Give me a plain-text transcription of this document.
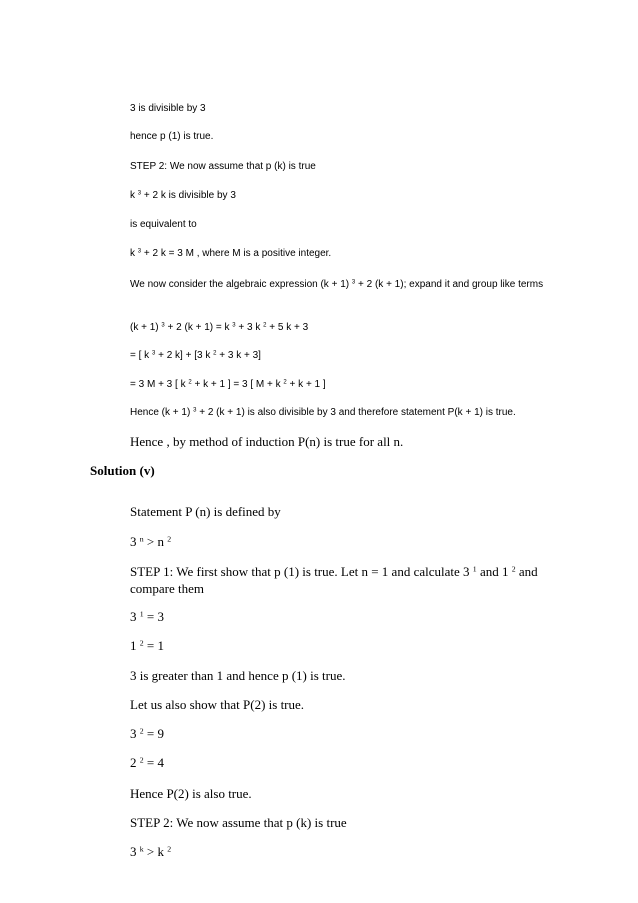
3 is divisible by 3
hence p (1) is true.
STEP 2: We now assume that p (k) is true
k $^3$ + 2 k is divisible by 3
is equivalent to
k $^3$ + 2 k = 3 M , where M is a positive integer.
We now consider the algebraic expression (k + 1) $^3$ + 2 (k + 1); expand it and group like terms
(k + 1) $^3$ + 2 (k + 1) = k $^3$ + 3 k $^2$ + 5 k + 3
= [ k $^3$ + 2 k] + [3 k $^2$ + 3 k + 3]
= 3 M + 3 [ k $^2$ + k + 1 ] = 3 [ M + k $^2$ + k + 1 ]
Hence (k + 1) $^3$ + 2 (k + 1) is also divisible by 3 and therefore statement P(k + 1) is true.
Hence , by method of induction P(n) is true for all n.
Solution (v)
Statement P (n) is defined by
3 $^n$ > n $^2$
STEP 1: We first show that p (1) is true. Let n = 1 and calculate 3 $^1$ and 1 $^2$ and compare them
3 $^1$ = 3
1 $^2$ = 1
3 is greater than 1 and hence p (1) is true.
Let us also show that P(2) is true.
3 $^2$ = 9
2 $^2$ = 4
Hence P(2) is also true.
STEP 2: We now assume that p (k) is true
3 $^k$ > k $^2$
